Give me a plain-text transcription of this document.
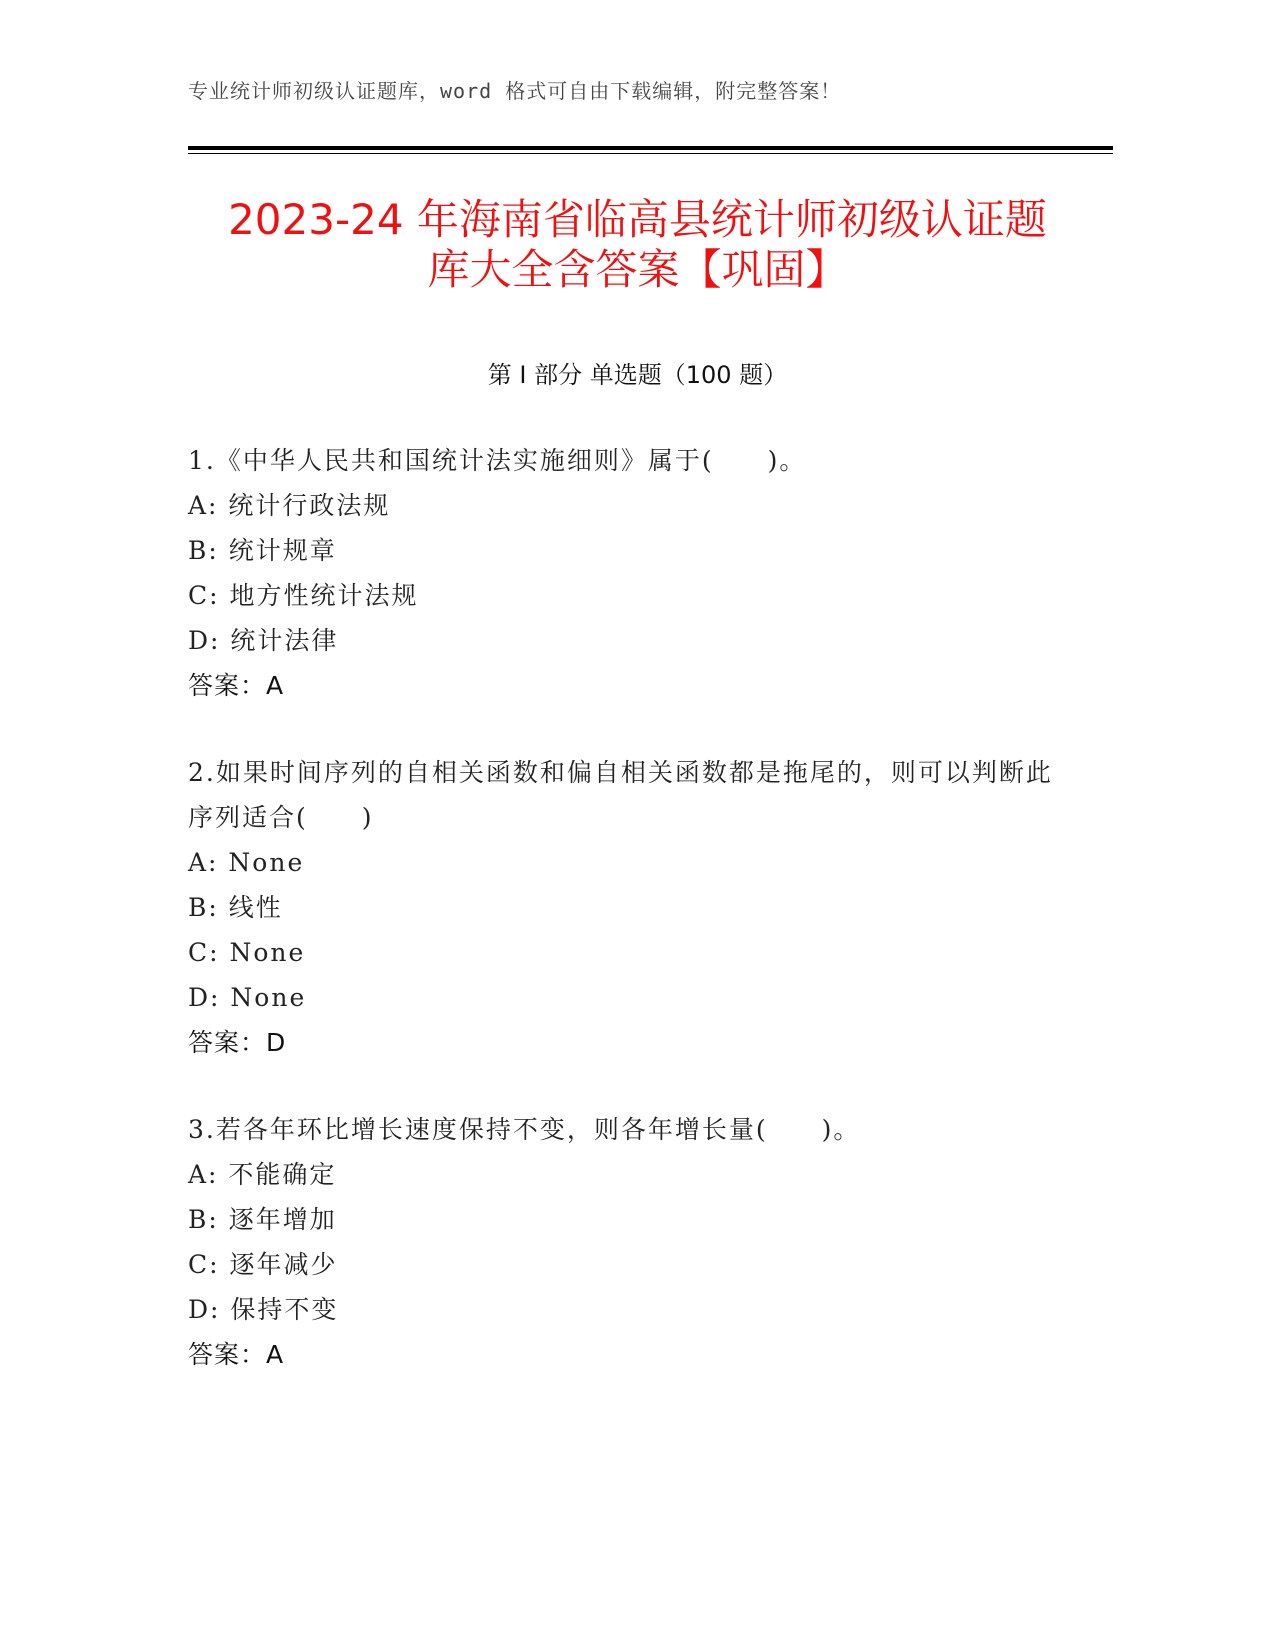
专业统计师初级认证题库，word 格式可自由下载编辑，附完整答案！
2023-24 年海南省临高县统计师初级认证题
库大全含答案【巩固】
第 I 部分 单选题（100 题）
1.《中华人民共和国统计法实施细则》属于(　　)。
A: 统计行政法规
B: 统计规章
C: 地方性统计法规
D: 统计法律
答案：A
2.如果时间序列的自相关函数和偏自相关函数都是拖尾的，则可以判断此序列适合(　　)
A: None
B: 线性
C: None
D: None
答案：D
3.若各年环比增长速度保持不变，则各年增长量(　　)。
A: 不能确定
B: 逐年增加
C: 逐年减少
D: 保持不变
答案：A
